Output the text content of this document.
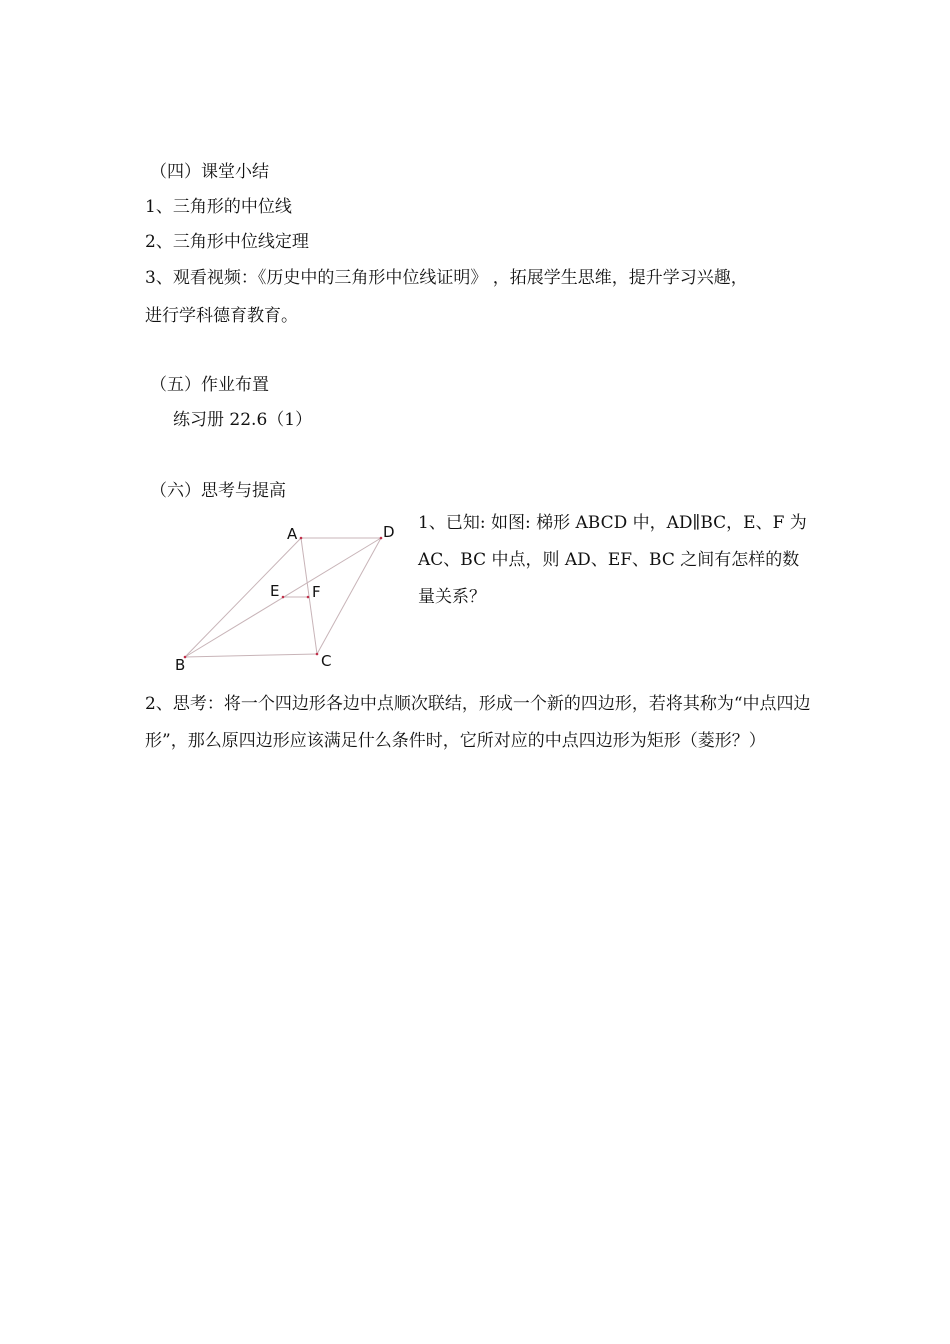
（四）课堂小结
1、三角形的中位线
2、三角形中位线定理
3、观看视频：《历史中的三角形中位线证明》 ，拓展学生思维，提升学习兴趣，
进行学科德育教育。
（五）作业布置
练习册 22.6（1）
（六）思考与提高
A	D
E F
B	C
1、已知: 如图: 梯形 ABCD 中，AD∥BC，E、F 为 AC、BC 中点，则 AD、EF、BC 之间有怎样的数量关系？
2、思考：将一个四边形各边中点顺次联结，形成一个新的四边形，若将其称为“中点四边形”，那么原四边形应该满足什么条件时，它所对应的中点四边形为矩形（菱形？）
